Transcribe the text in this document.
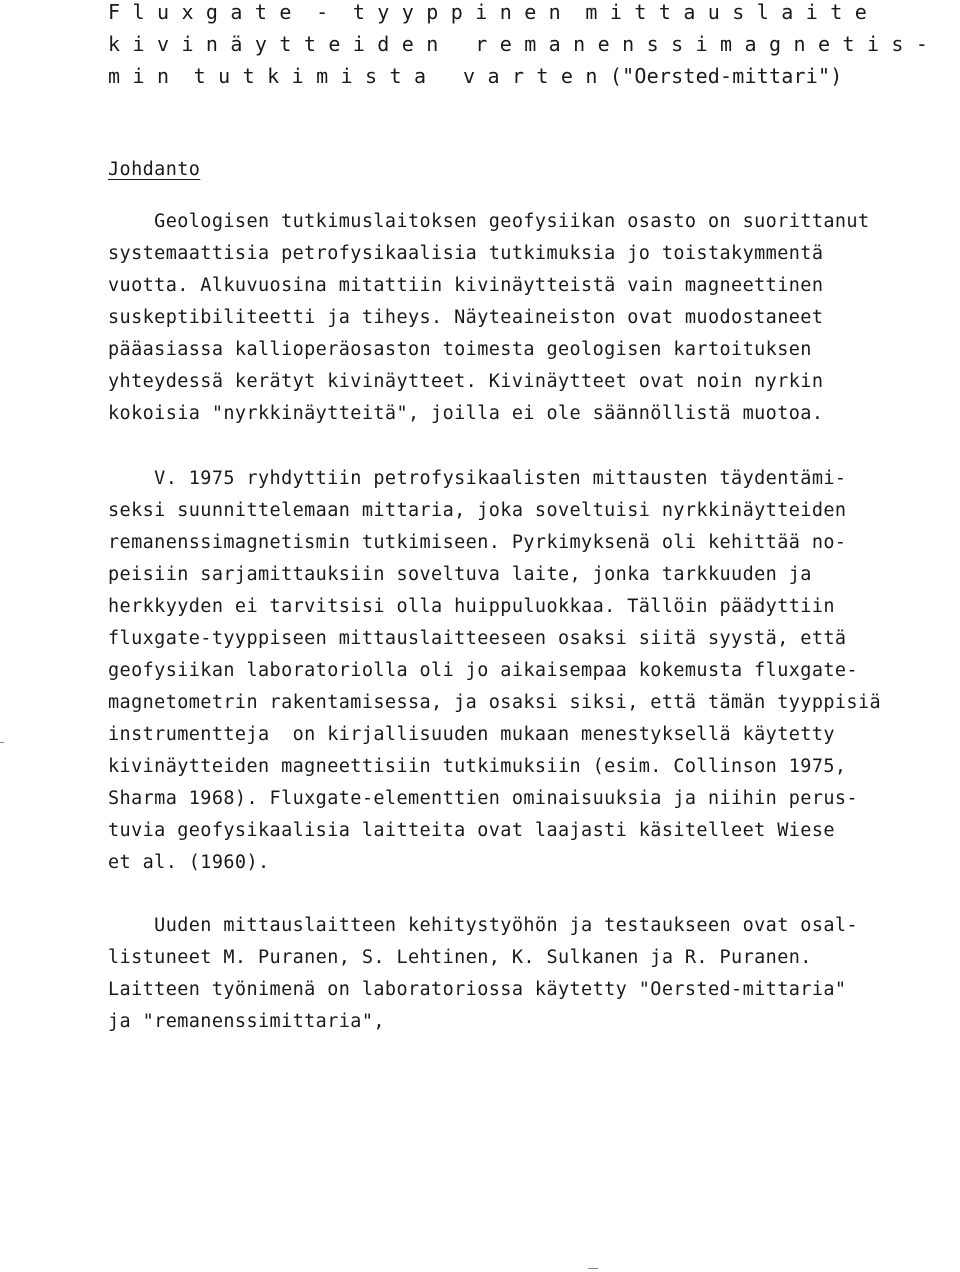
F l u x g a t e  -  t y y p p i n e n  m i t t a u s l a i t e
k i v i n ä y t t e i d e n   r e m a n e n s s i m a g n e t i s -
m i n  t u t k i m i s t a   v a r t e n ("Oersted-mittari")
Johdanto
Geologisen tutkimuslaitoksen geofysiikan osasto on suorittanut
systemaattisia petrofysikaalisia tutkimuksia jo toistakymmentä
vuotta. Alkuvuosina mitattiin kivinäytteistä vain magneettinen
suskeptibiliteetti ja tiheys. Näyteaineiston ovat muodostaneet
pääasiassa kallioperäosaston toimesta geologisen kartoituksen
yhteydessä kerätyt kivinäytteet. Kivinäytteet ovat noin nyrkin
kokoisia "nyrkkinäytteitä", joilla ei ole säännöllistä muotoa.
V. 1975 ryhdyttiin petrofysikaalisten mittausten täydentämi-
seksi suunnittelemaan mittaria, joka soveltuisi nyrkkinäytteiden
remanenssimagnetismin tutkimiseen. Pyrkimyksenä oli kehittää no-
peisiin sarjamittauksiin soveltuva laite, jonka tarkkuuden ja
herkkyyden ei tarvitsisi olla huippuluokkaa. Tällöin päädyttiin
fluxgate-tyyppiseen mittauslaitteeseen osaksi siitä syystä, että
geofysiikan laboratoriolla oli jo aikaisempaa kokemusta fluxgate-
magnetometrin rakentamisessa, ja osaksi siksi, että tämän tyyppisiä
instrumentteja  on kirjallisuuden mukaan menestyksellä käytetty
kivinäytteiden magneettisiin tutkimuksiin (esim. Collinson 1975,
Sharma 1968). Fluxgate-elementtien ominaisuuksia ja niihin perus-
tuvia geofysikaalisia laitteita ovat laajasti käsitelleet Wiese
et al. (1960).
Uuden mittauslaitteen kehitystyöhön ja testaukseen ovat osal-
listuneet M. Puranen, S. Lehtinen, K. Sulkanen ja R. Puranen.
Laitteen työnimenä on laboratoriossa käytetty "Oersted-mittaria"
ja "remanenssimittaria",
